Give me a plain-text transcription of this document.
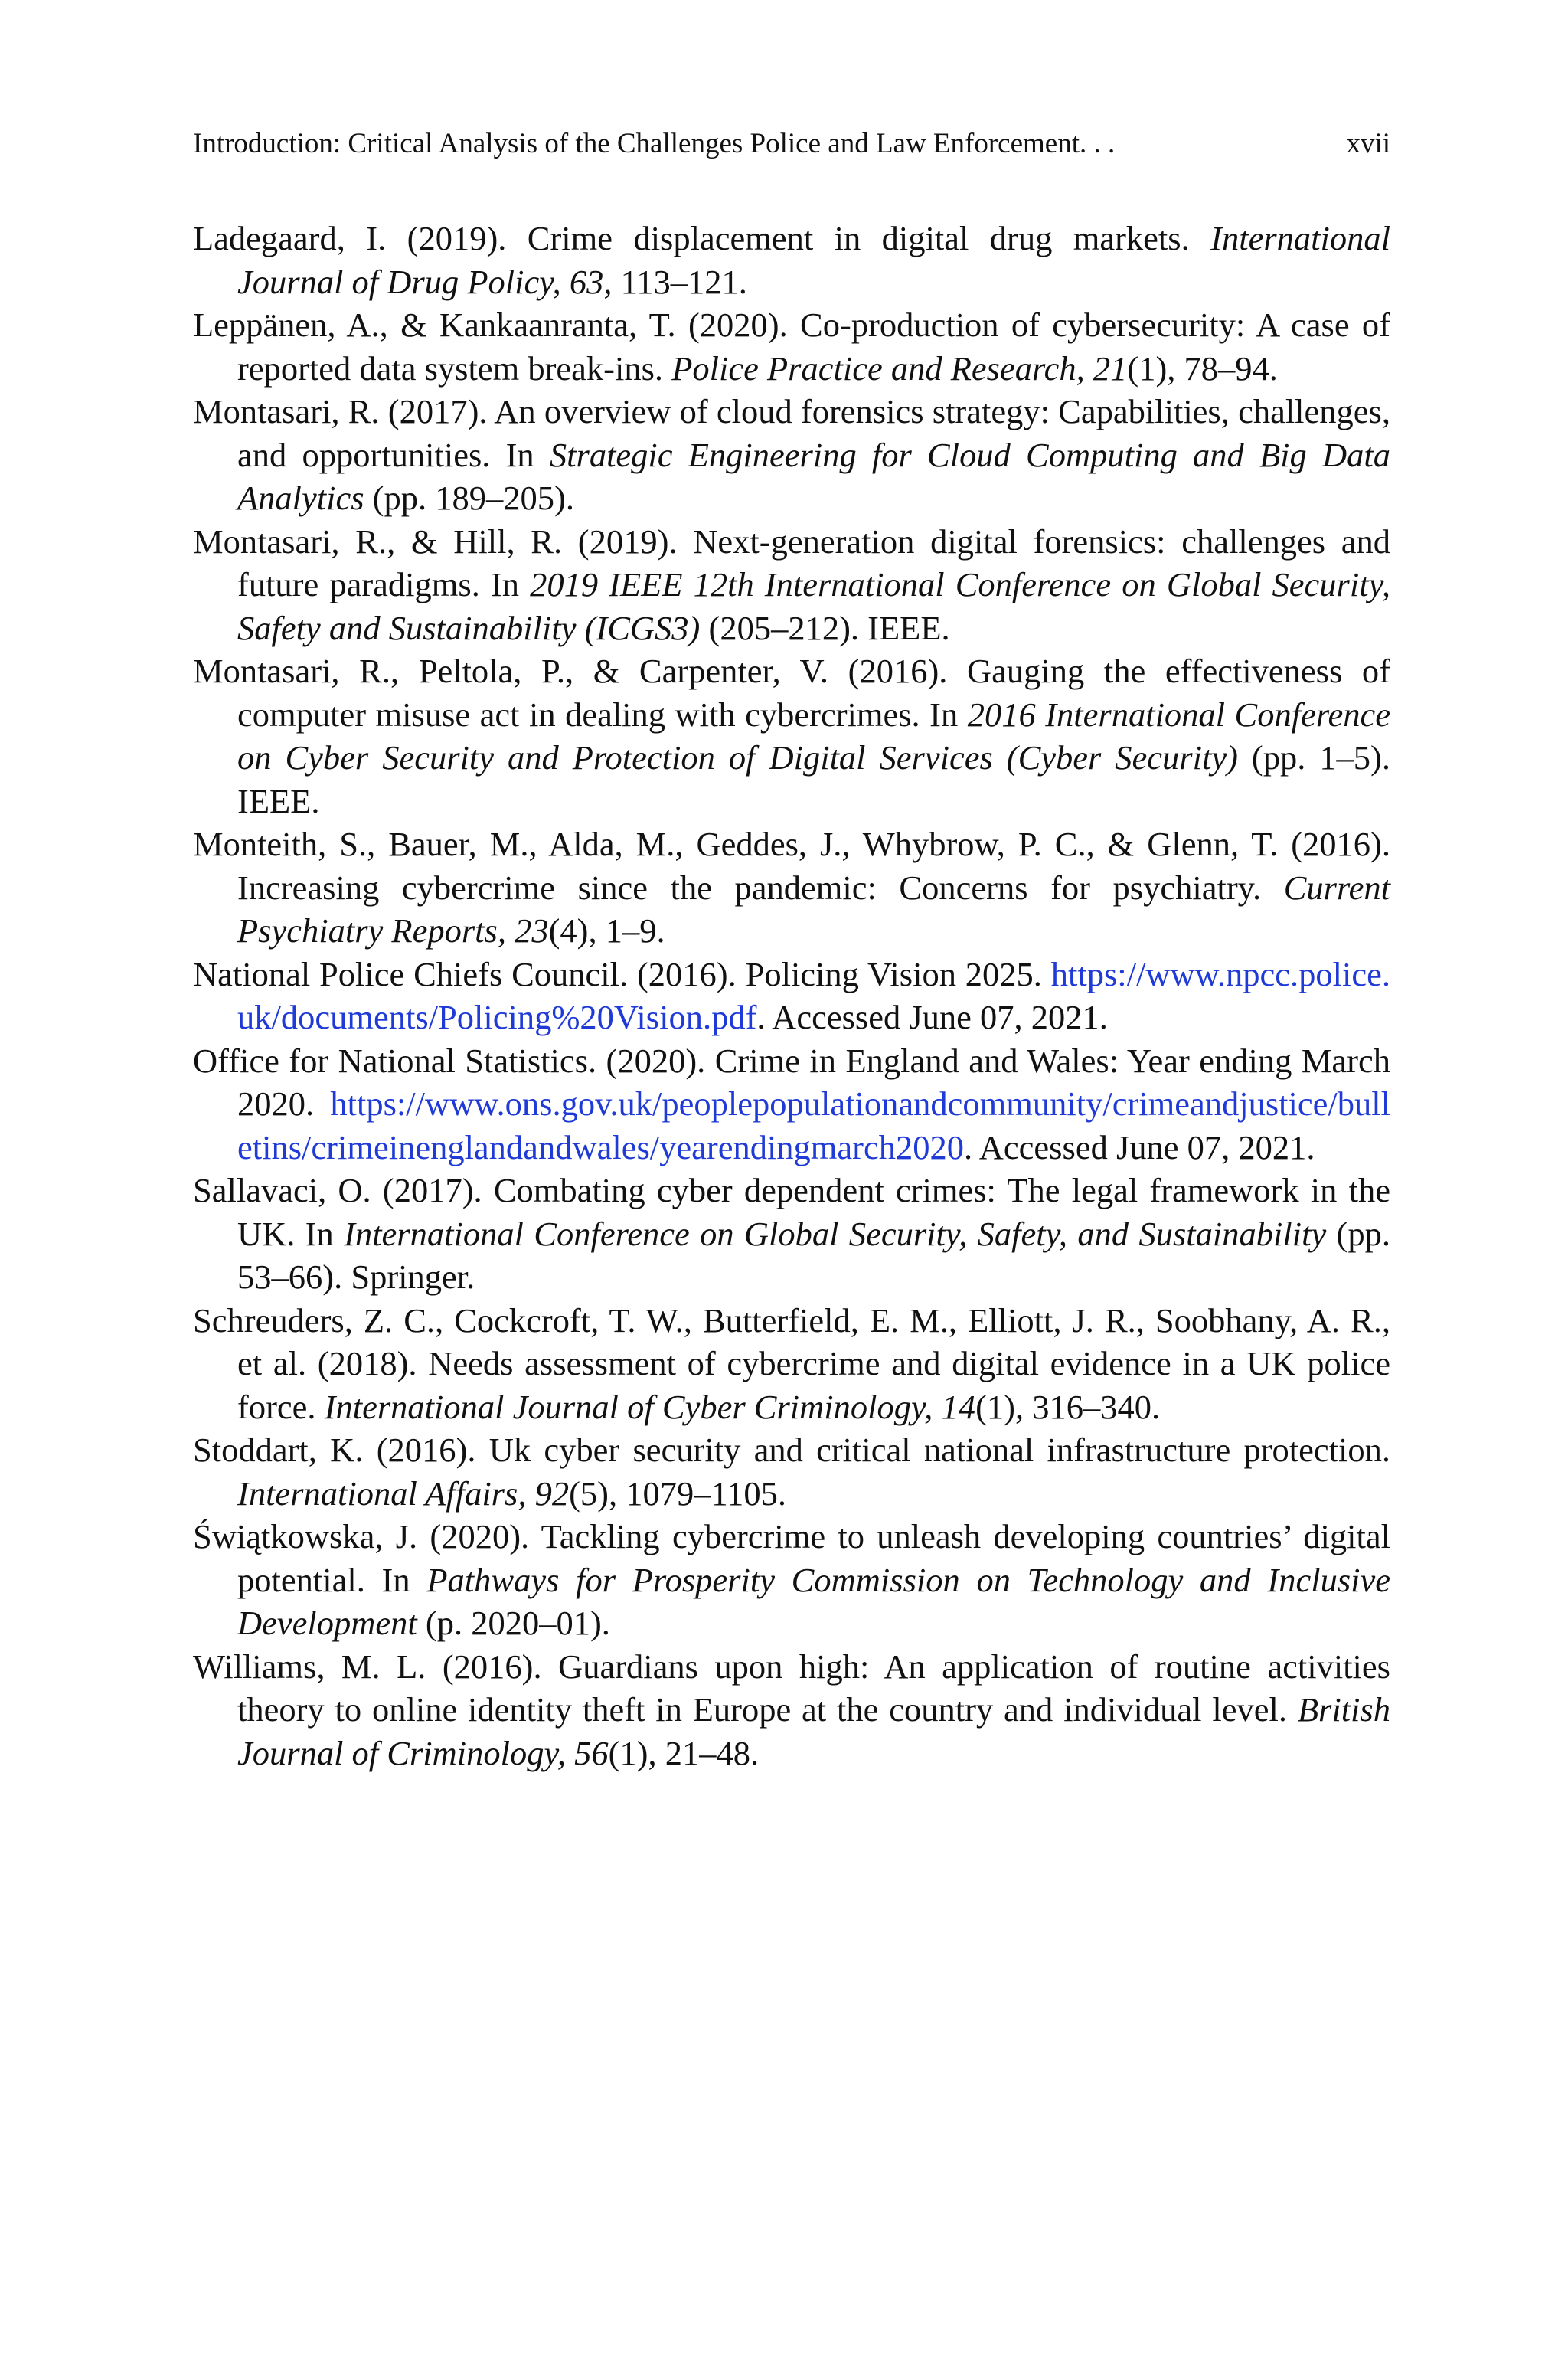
Introduction: Critical Analysis of the Challenges Police and Law Enforcement. . .	xvii
Ladegaard, I. (2019). Crime displacement in digital drug markets. International Journal of Drug Policy, 63, 113–121.
Leppänen, A., & Kankaanranta, T. (2020). Co-production of cybersecurity: A case of reported data system break-ins. Police Practice and Research, 21(1), 78–94.
Montasari, R. (2017). An overview of cloud forensics strategy: Capabilities, challenges, and opportunities. In Strategic Engineering for Cloud Computing and Big Data Analytics (pp. 189–205).
Montasari, R., & Hill, R. (2019). Next-generation digital forensics: challenges and future paradigms. In 2019 IEEE 12th International Conference on Global Security, Safety and Sustainability (ICGS3) (205–212). IEEE.
Montasari, R., Peltola, P., & Carpenter, V. (2016). Gauging the effectiveness of computer misuse act in dealing with cybercrimes. In 2016 International Conference on Cyber Security and Protection of Digital Services (Cyber Security) (pp. 1–5). IEEE.
Monteith, S., Bauer, M., Alda, M., Geddes, J., Whybrow, P. C., & Glenn, T. (2016). Increasing cybercrime since the pandemic: Concerns for psychiatry. Current Psychiatry Reports, 23(4), 1–9.
National Police Chiefs Council. (2016). Policing Vision 2025. https://www.npcc.police.uk/documents/Policing%20Vision.pdf. Accessed June 07, 2021.
Office for National Statistics. (2020). Crime in England and Wales: Year ending March 2020. https://www.ons.gov.uk/peoplepopulationandcommunity/crimeandjustice/bulletins/crimeinenglandandwales/yearendingmarch2020. Accessed June 07, 2021.
Sallavaci, O. (2017). Combating cyber dependent crimes: The legal framework in the UK. In International Conference on Global Security, Safety, and Sustainability (pp. 53–66). Springer.
Schreuders, Z. C., Cockcroft, T. W., Butterfield, E. M., Elliott, J. R., Soobhany, A. R., et al. (2018). Needs assessment of cybercrime and digital evidence in a UK police force. International Journal of Cyber Criminology, 14(1), 316–340.
Stoddart, K. (2016). Uk cyber security and critical national infrastructure protection. International Affairs, 92(5), 1079–1105.
Świątkowska, J. (2020). Tackling cybercrime to unleash developing countries’ digital potential. In Pathways for Prosperity Commission on Technology and Inclusive Development (p. 2020–01).
Williams, M. L. (2016). Guardians upon high: An application of routine activities theory to online identity theft in Europe at the country and individual level. British Journal of Criminology, 56(1), 21–48.
